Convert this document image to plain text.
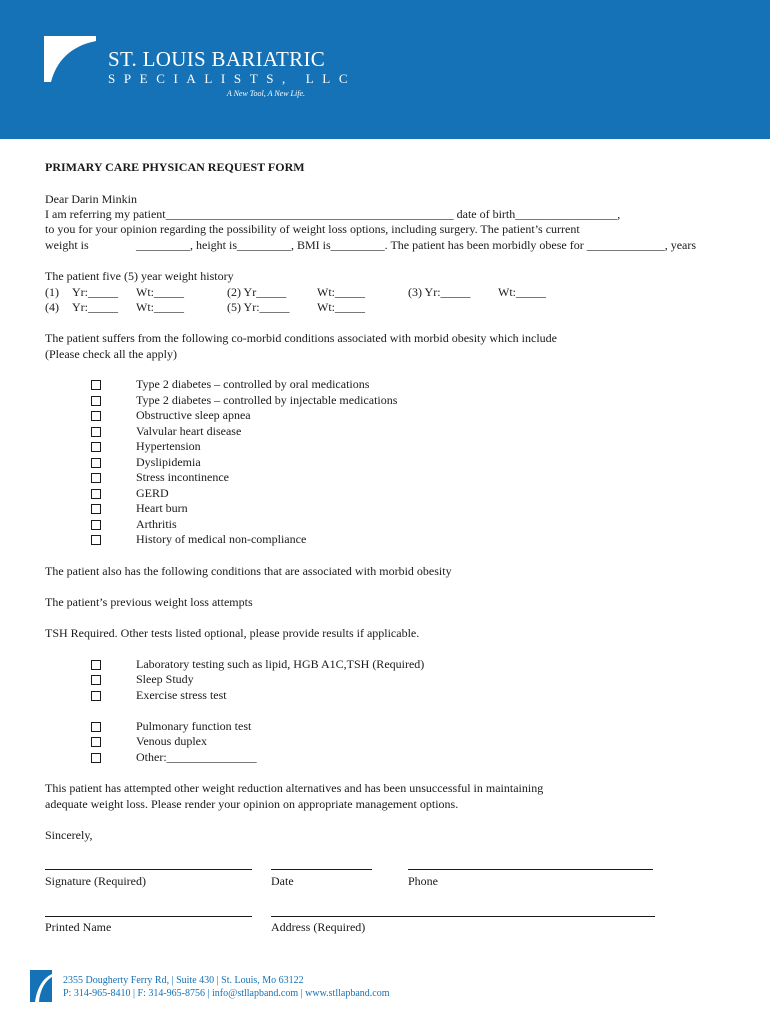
ST. LOUIS BARIATRIC
SPECIALISTS, LLC
A New Tool, A New Life.
PRIMARY CARE PHYSICAN REQUEST FORM
Dear Darin Minkin
I am referring my patient________________________________________________ date of birth_________________,
to you for your opinion regarding the possibility of weight loss options, including surgery. The patient’s current
weight is	_________, height is_________, BMI is_________. The patient has been morbidly obese for _____________, years
The patient five (5) year weight history
(1) Yr:_____ Wt:_____	(2) Yr_____	Wt:_____	(3) Yr:_____ Wt:_____
(4) Yr:_____ Wt:_____	(5) Yr:_____ Wt:_____
The patient suffers from the following co-morbid conditions associated with morbid obesity which include
(Please check all the apply)
Type 2 diabetes – controlled by oral medications
Type 2 diabetes – controlled by injectable medications
Obstructive sleep apnea
Valvular heart disease
Hypertension
Dyslipidemia
Stress incontinence
GERD
Heart burn
Arthritis
History of medical non-compliance
The patient also has the following conditions that are associated with morbid obesity
The patient’s previous weight loss attempts
TSH Required. Other tests listed optional, please provide results if applicable.
Laboratory testing such as lipid, HGB A1C,TSH (Required)
Sleep Study
Exercise stress test
Pulmonary function test
Venous duplex
Other:_______________
This patient has attempted other weight reduction alternatives and has been unsuccessful in maintaining
adequate weight loss. Please render your opinion on appropriate management options.
Sincerely,
Signature (Required)	Date	Phone
Printed Name	Address (Required)
2355 Dougherty Ferry Rd, | Suite 430 | St. Louis, Mo 63122
P: 314-965-8410 | F: 314-965-8756 | info@stllapband.com | www.stllapband.com
